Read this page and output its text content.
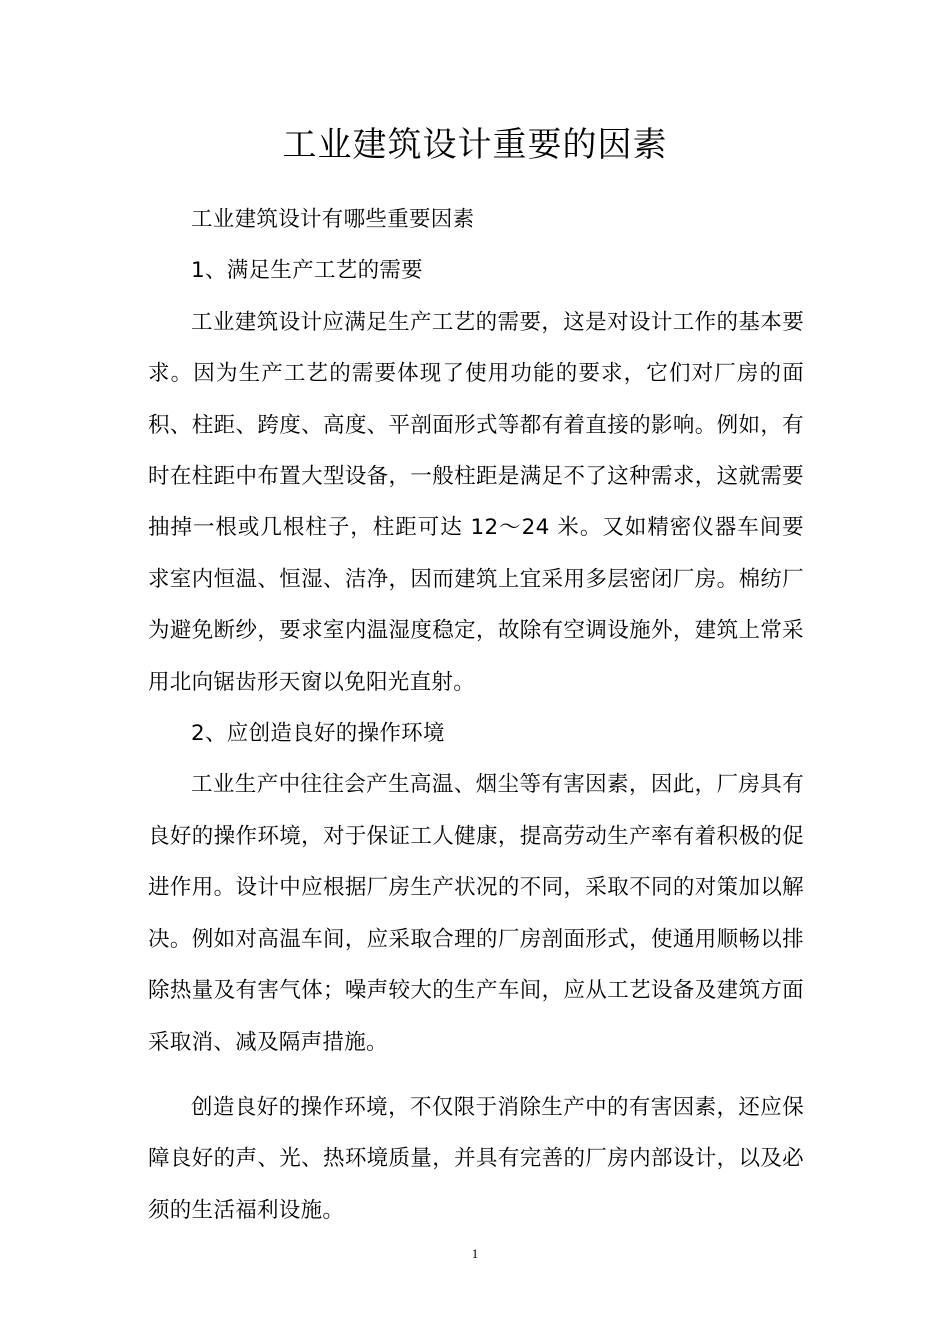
工业建筑设计重要的因素

工业建筑设计有哪些重要因素

1、满足生产工艺的需要

工业建筑设计应满足生产工艺的需要，这是对设计工作的基本要求。因为生产工艺的需要体现了使用功能的要求，它们对厂房的面积、柱距、跨度、高度、平剖面形式等都有着直接的影响。例如，有时在柱距中布置大型设备，一般柱距是满足不了这种需求，这就需要抽掉一根或几根柱子，柱距可达 12～24 米。又如精密仪器车间要求室内恒温、恒湿、洁净，因而建筑上宜采用多层密闭厂房。棉纺厂为避免断纱，要求室内温湿度稳定，故除有空调设施外，建筑上常采用北向锯齿形天窗以免阳光直射。

2、应创造良好的操作环境

工业生产中往往会产生高温、烟尘等有害因素，因此，厂房具有良好的操作环境，对于保证工人健康，提高劳动生产率有着积极的促进作用。设计中应根据厂房生产状况的不同，采取不同的对策加以解决。例如对高温车间，应采取合理的厂房剖面形式，使通用顺畅以排除热量及有害气体；噪声较大的生产车间，应从工艺设备及建筑方面采取消、减及隔声措施。

创造良好的操作环境，不仅限于消除生产中的有害因素，还应保障良好的声、光、热环境质量，并具有完善的厂房内部设计，以及必须的生活福利设施。

1
